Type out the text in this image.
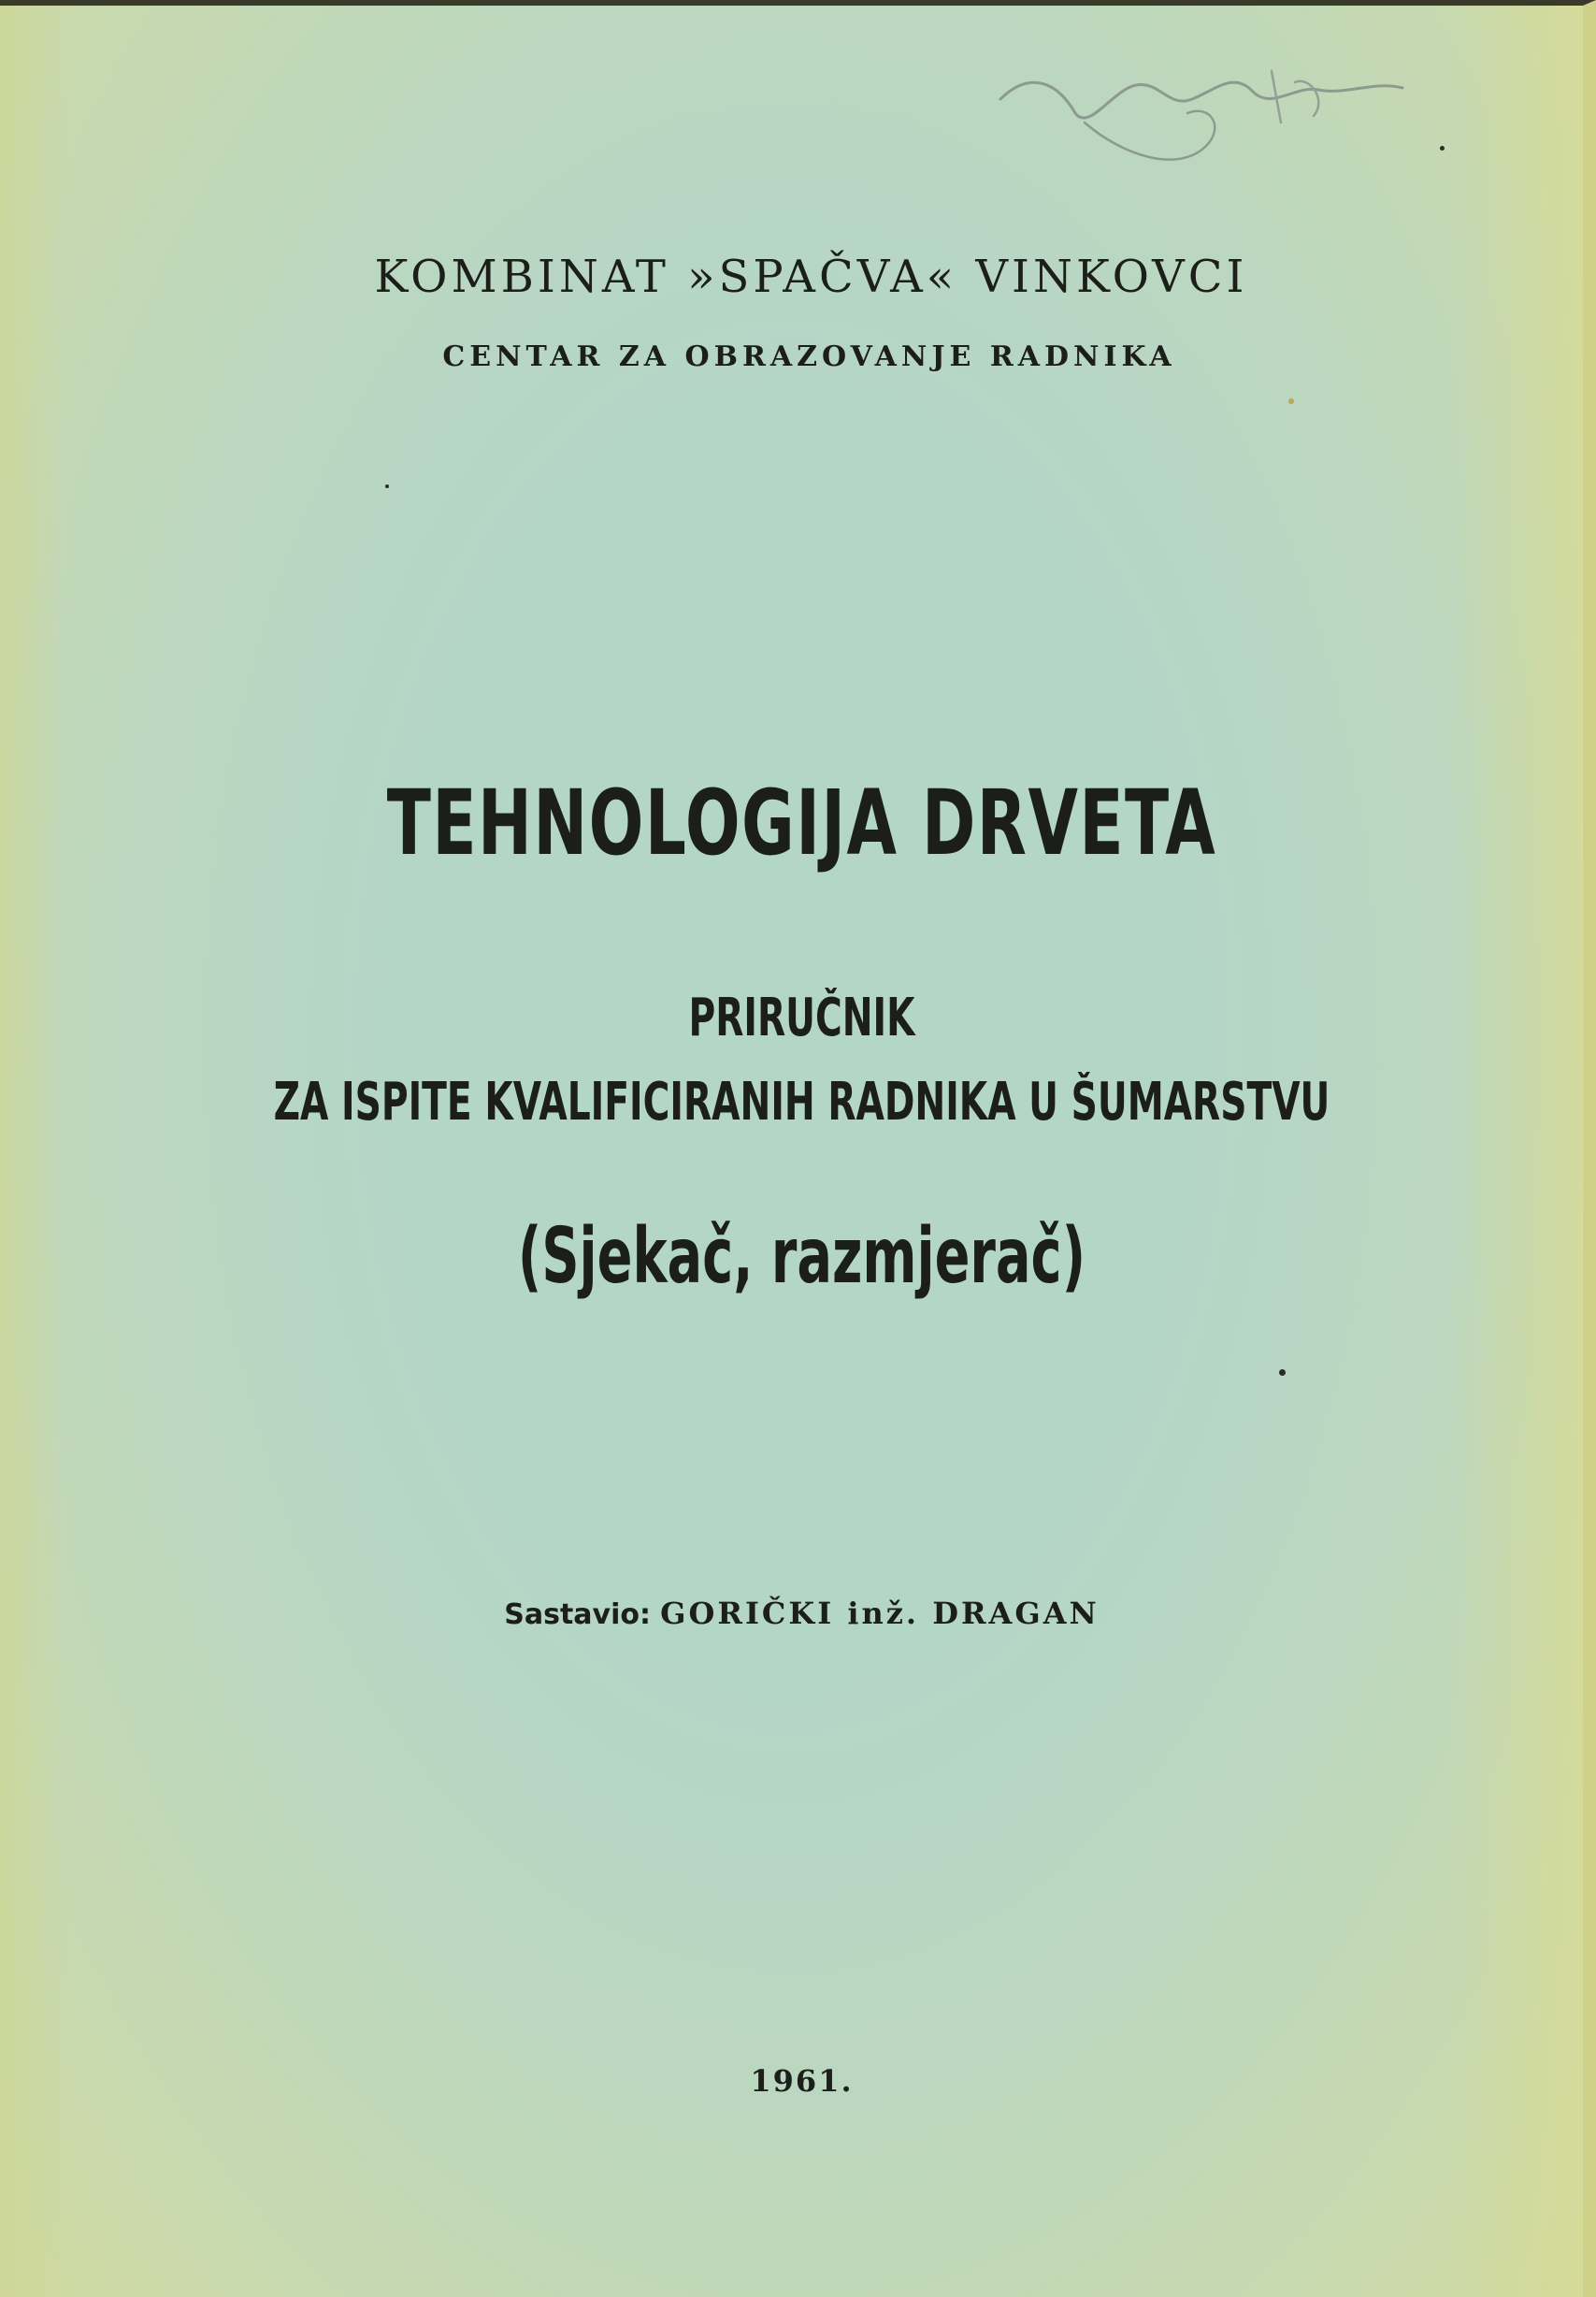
KOMBINAT »SPAČVA« VINKOVCI

CENTAR ZA OBRAZOVANJE RADNIKA

TEHNOLOGIJA DRVETA

PRIRUČNIK

ZA ISPITE KVALIFICIRANIH RADNIKA U ŠUMARSTVU

(Sjekač, razmjerač)

Sastavio: GORIČKI inž. DRAGAN

1961.
